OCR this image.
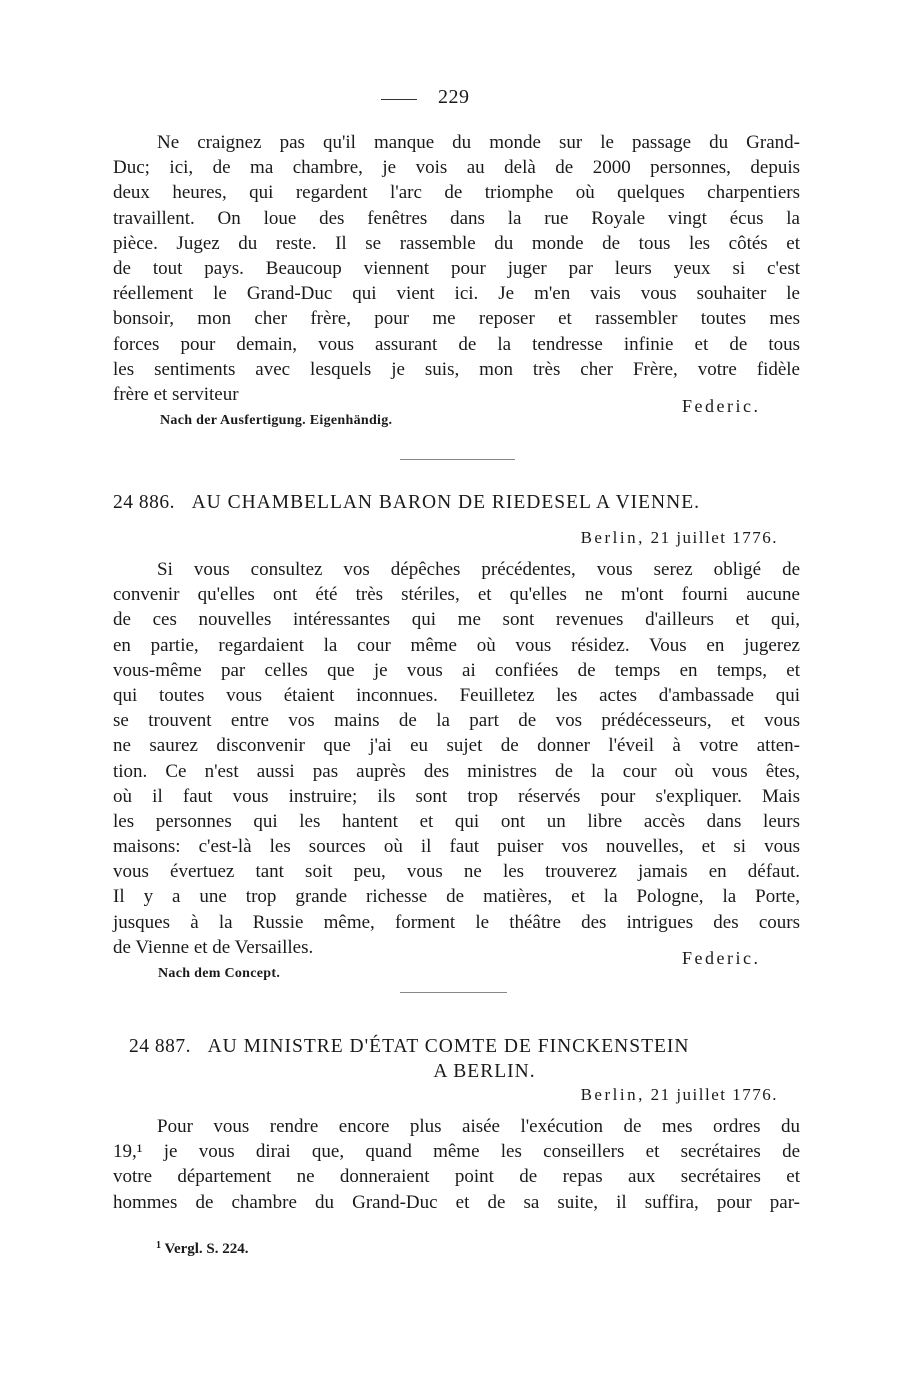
229
Ne craignez pas qu'il manque du monde sur le passage du Grand-
Duc; ici, de ma chambre, je vois au delà de 2000 personnes, depuis
deux heures, qui regardent l'arc de triomphe où quelques charpentiers
travaillent. On loue des fenêtres dans la rue Royale vingt écus la
pièce. Jugez du reste. Il se rassemble du monde de tous les côtés et
de tout pays. Beaucoup viennent pour juger par leurs yeux si c'est
réellement le Grand-Duc qui vient ici. Je m'en vais vous souhaiter le
bonsoir, mon cher frère, pour me reposer et rassembler toutes mes
forces pour demain, vous assurant de la tendresse infinie et de tous
les sentiments avec lesquels je suis, mon très cher Frère, votre fidèle
frère et serviteur
Federic.
Nach der Ausfertigung. Eigenhändig.
24 886. AU CHAMBELLAN BARON DE RIEDESEL A VIENNE.
Berlin, 21 juillet 1776.
Si vous consultez vos dépêches précédentes, vous serez obligé de
convenir qu'elles ont été très stériles, et qu'elles ne m'ont fourni aucune
de ces nouvelles intéressantes qui me sont revenues d'ailleurs et qui,
en partie, regardaient la cour même où vous résidez. Vous en jugerez
vous-même par celles que je vous ai confiées de temps en temps, et
qui toutes vous étaient inconnues. Feuilletez les actes d'ambassade qui
se trouvent entre vos mains de la part de vos prédécesseurs, et vous
ne saurez disconvenir que j'ai eu sujet de donner l'éveil à votre atten-
tion. Ce n'est aussi pas auprès des ministres de la cour où vous êtes,
où il faut vous instruire; ils sont trop réservés pour s'expliquer. Mais
les personnes qui les hantent et qui ont un libre accès dans leurs
maisons: c'est-là les sources où il faut puiser vos nouvelles, et si vous
vous évertuez tant soit peu, vous ne les trouverez jamais en défaut.
Il y a une trop grande richesse de matières, et la Pologne, la Porte,
jusques à la Russie même, forment le théâtre des intrigues des cours
de Vienne et de Versailles.
Federic.
Nach dem Concept.
24 887. AU MINISTRE D'ÉTAT COMTE DE FINCKENSTEIN
A BERLIN.
Berlin, 21 juillet 1776.
Pour vous rendre encore plus aisée l'exécution de mes ordres du
19,¹ je vous dirai que, quand même les conseillers et secrétaires de
votre département ne donneraient point de repas aux secrétaires et
hommes de chambre du Grand-Duc et de sa suite, il suffira, pour par-
$^1$ Vergl. S. 224.
